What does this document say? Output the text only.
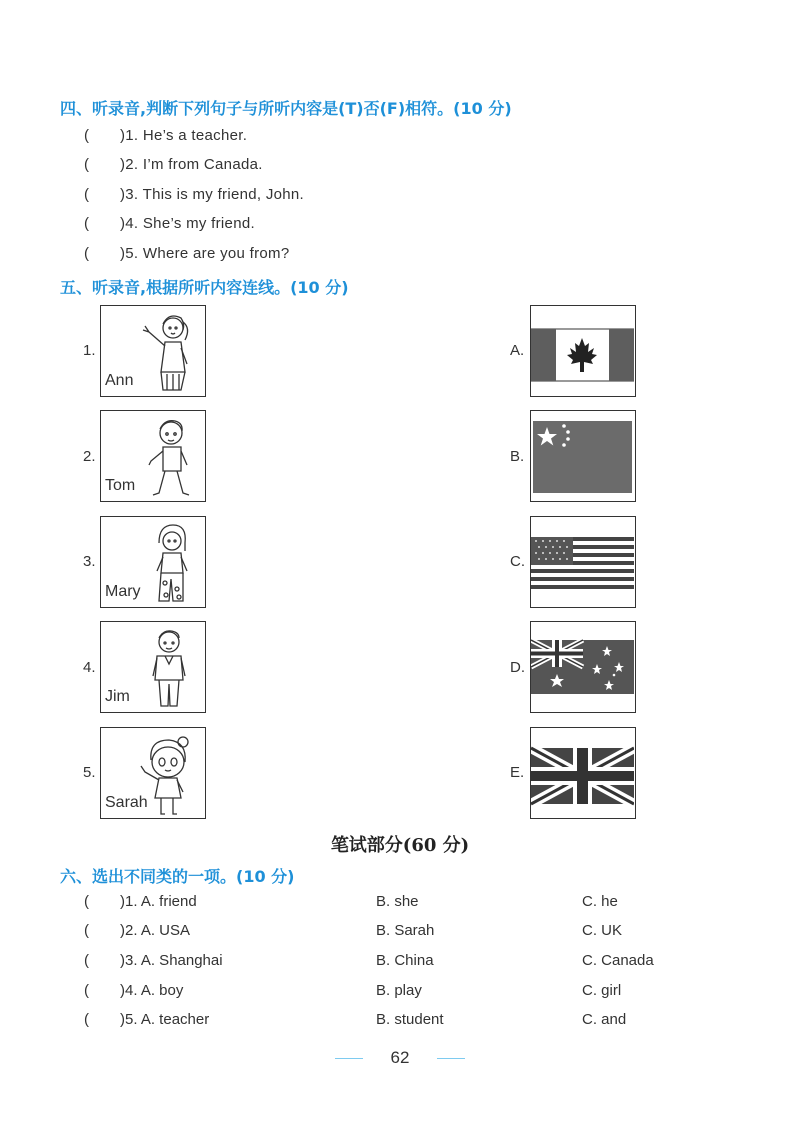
四、听录音,判断下列句子与所听内容是(T)否(F)相符。(10 分)
( )1. He’s a teacher.
( )2. I’m from Canada.
( )3. This is my friend, John.
( )4. She’s my friend.
( )5. Where are you from?
五、听录音,根据所听内容连线。(10 分)
1.
Ann
2.
Tom
3.
Mary
4.
Jim
5.
Sarah
A.
B.
C.
D.
E.
笔试部分(60 分)
六、选出不同类的一项。(10 分)
( )1. A. friend	B. she	C. he
( )2. A. USA	B. Sarah	C. UK
( )3. A. Shanghai	B. China	C. Canada
( )4. A. boy	B. play	C. girl
( )5. A. teacher	B. student	C. and
62
